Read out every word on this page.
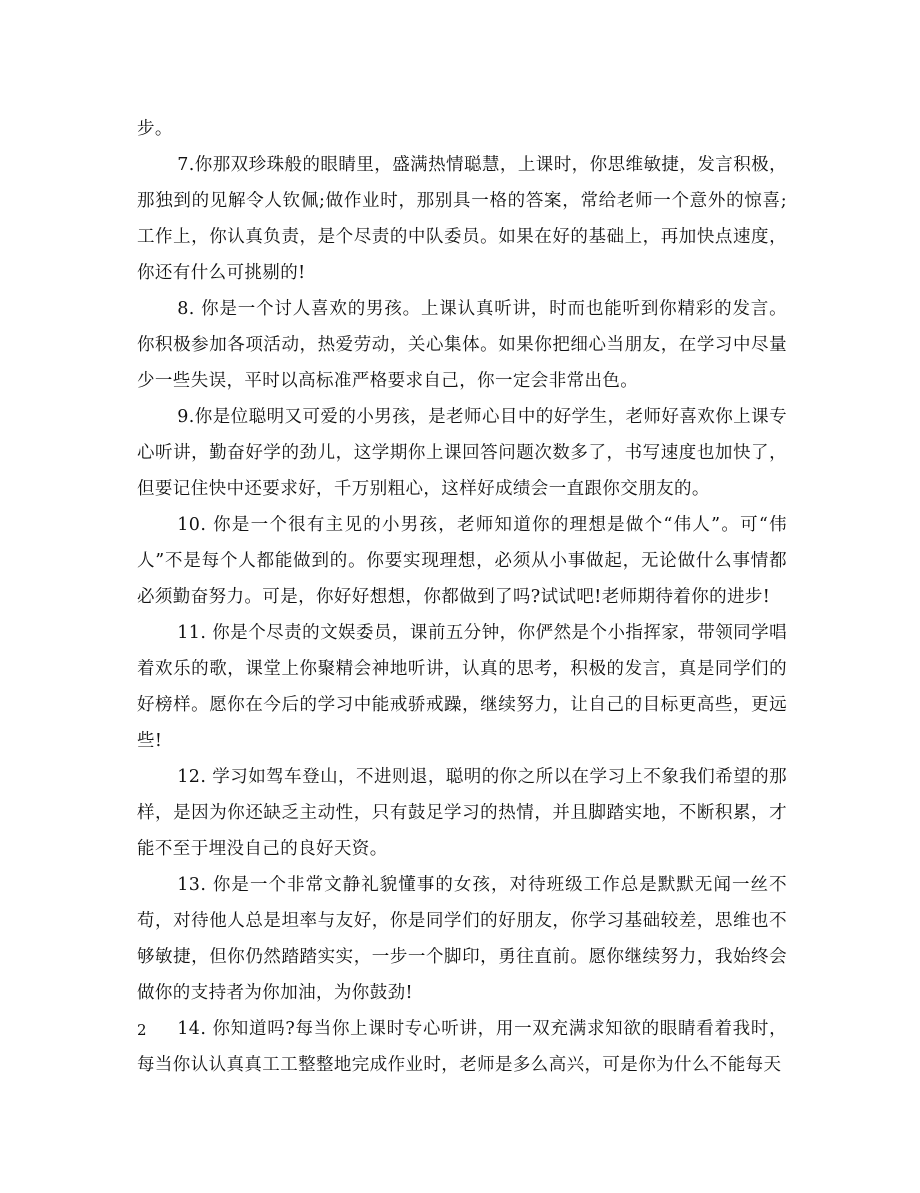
步。

7.你那双珍珠般的眼睛里，盛满热情聪慧，上课时，你思维敏捷，发言积极，那独到的见解令人钦佩;做作业时，那别具一格的答案，常给老师一个意外的惊喜;工作上，你认真负责，是个尽责的中队委员。如果在好的基础上，再加快点速度，你还有什么可挑剔的!

8. 你是一个讨人喜欢的男孩。上课认真听讲，时而也能听到你精彩的发言。你积极参加各项活动，热爱劳动，关心集体。如果你把细心当朋友，在学习中尽量少一些失误，平时以高标准严格要求自己，你一定会非常出色。

9.你是位聪明又可爱的小男孩，是老师心目中的好学生，老师好喜欢你上课专心听讲，勤奋好学的劲儿，这学期你上课回答问题次数多了，书写速度也加快了，但要记住快中还要求好，千万别粗心，这样好成绩会一直跟你交朋友的。

10. 你是一个很有主见的小男孩，老师知道你的理想是做个“伟人”。可“伟人”不是每个人都能做到的。你要实现理想，必须从小事做起，无论做什么事情都必须勤奋努力。可是，你好好想想，你都做到了吗?试试吧!老师期待着你的进步!

11. 你是个尽责的文娱委员，课前五分钟，你俨然是个小指挥家，带领同学唱着欢乐的歌，课堂上你聚精会神地听讲，认真的思考，积极的发言，真是同学们的好榜样。愿你在今后的学习中能戒骄戒躁，继续努力，让自己的目标更高些，更远些!

12. 学习如驾车登山，不进则退，聪明的你之所以在学习上不象我们希望的那样，是因为你还缺乏主动性，只有鼓足学习的热情，并且脚踏实地，不断积累，才能不至于埋没自己的良好天资。

13. 你是一个非常文静礼貌懂事的女孩，对待班级工作总是默默无闻一丝不苟，对待他人总是坦率与友好，你是同学们的好朋友，你学习基础较差，思维也不够敏捷，但你仍然踏踏实实，一步一个脚印，勇往直前。愿你继续努力，我始终会做你的支持者为你加油，为你鼓劲!

14. 你知道吗?每当你上课时专心听讲，用一双充满求知欲的眼睛看着我时，每当你认认真真工工整整地完成作业时，老师是多么高兴，可是你为什么不能每天

2
